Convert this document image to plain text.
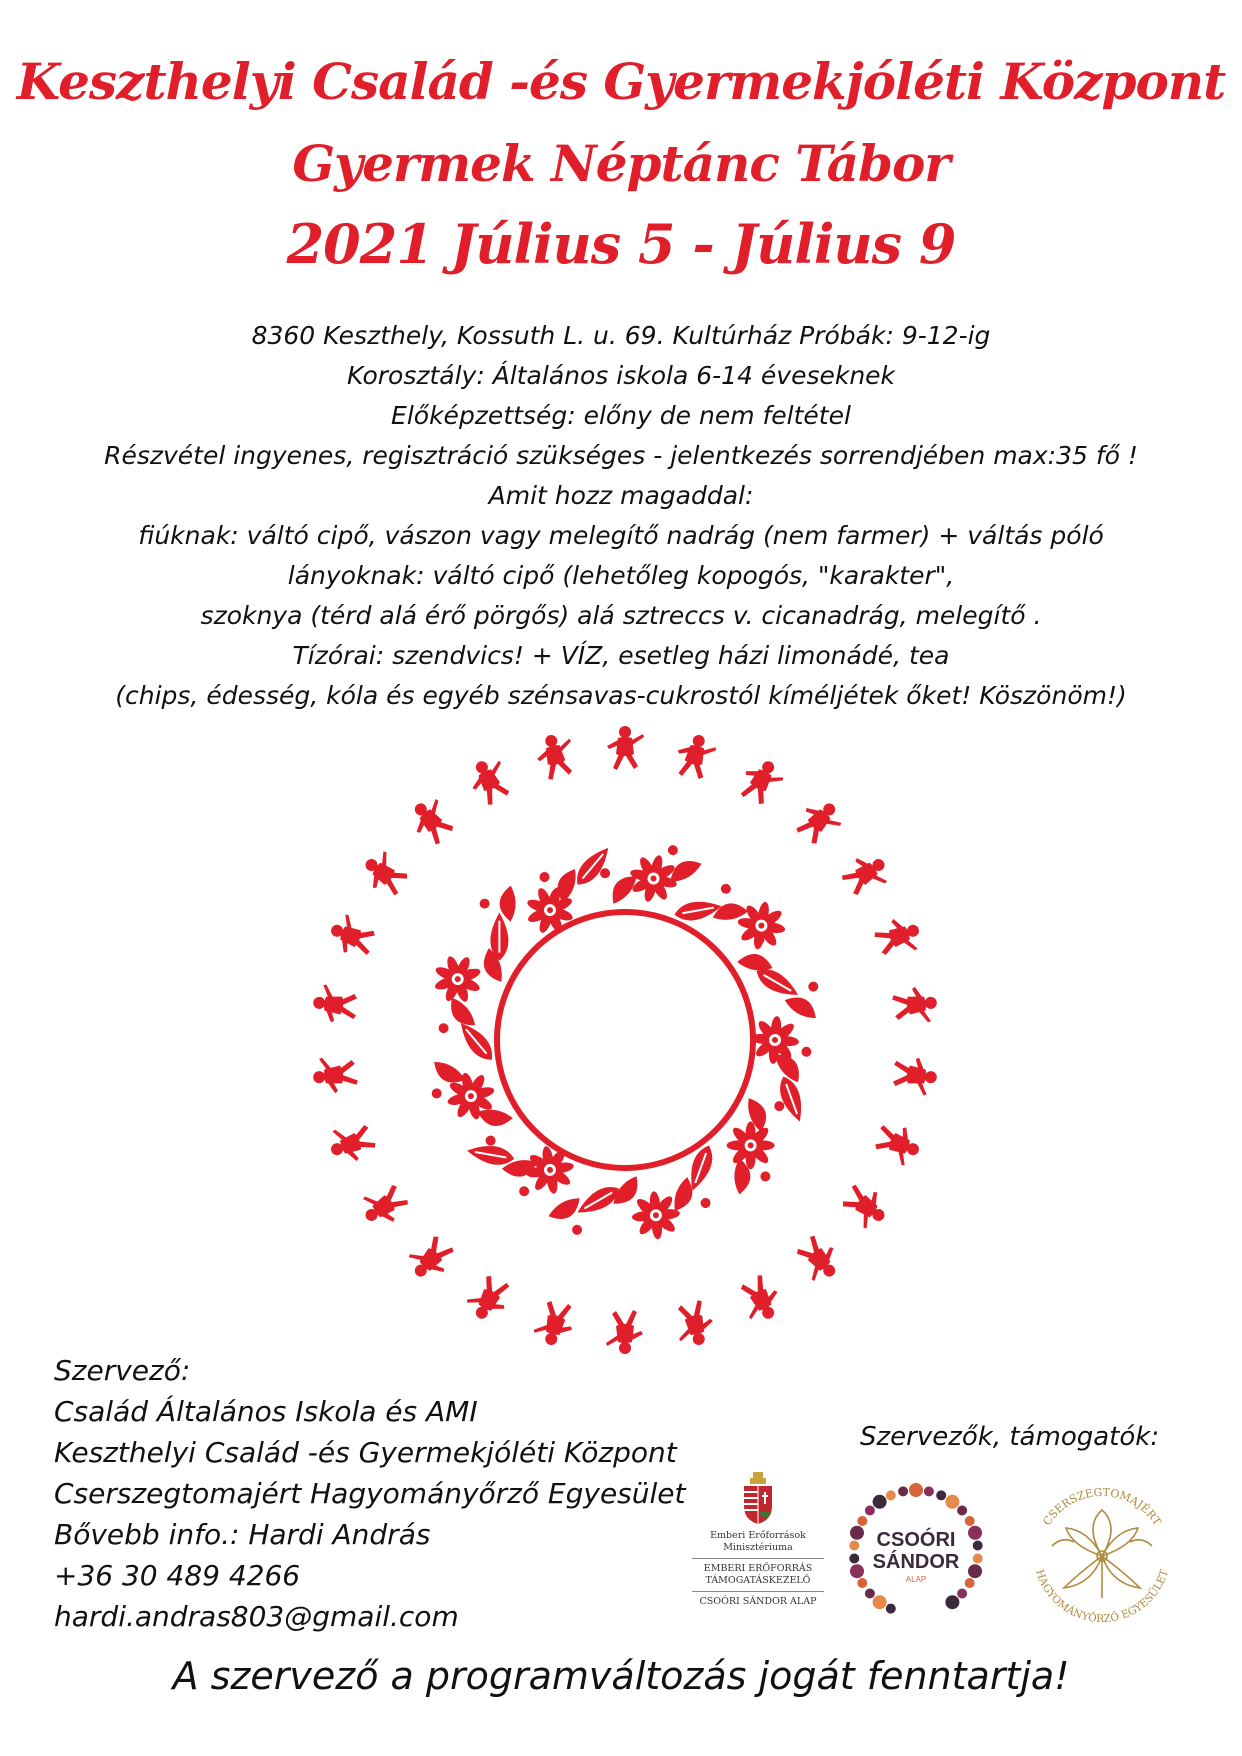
Keszthelyi Család -és Gyermekjóléti Központ
Gyermek Néptánc Tábor
2021 Július 5 - Július 9
8360 Keszthely, Kossuth L. u. 69. Kultúrház Próbák: 9-12-ig
Korosztály: Általános iskola 6-14 éveseknek
Előképzettség: előny de nem feltétel
Részvétel ingyenes, regisztráció szükséges - jelentkezés sorrendjében max:35 fő !
Amit hozz magaddal:
fiúknak: váltó cipő, vászon vagy melegítő nadrág (nem farmer) + váltás póló
lányoknak: váltó cipő (lehetőleg kopogós, "karakter",
szoknya (térd alá érő pörgős) alá sztreccs v. cicanadrág, melegítő .
Tízórai: szendvics! + VÍZ, esetleg házi limonádé, tea
(chips, édesség, kóla és egyéb szénsavas-cukrostól kíméljétek őket! Köszönöm!)
Szervező:
Család Általános Iskola és AMI
Keszthelyi Család -és Gyermekjóléti Központ
Cserszegtomajért Hagyományőrző Egyesület
Bővebb info.: Hardi András
+36 30 489 4266
hardi.andras803@gmail.com
Szervezők, támogatók:
Emberi Erőforrások
Minisztériuma
EMBERI ERŐFORRÁS
TÁMOGATÁSKEZELŐ
CSOÓRI SÁNDOR ALAP
CSOÓRI
SÁNDOR
ALAP
CSERSZEGTOMAJÉRT
HAGYOMÁNYŐRZŐ EGYESÜLET
A szervező a programváltozás jogát fenntartja!
